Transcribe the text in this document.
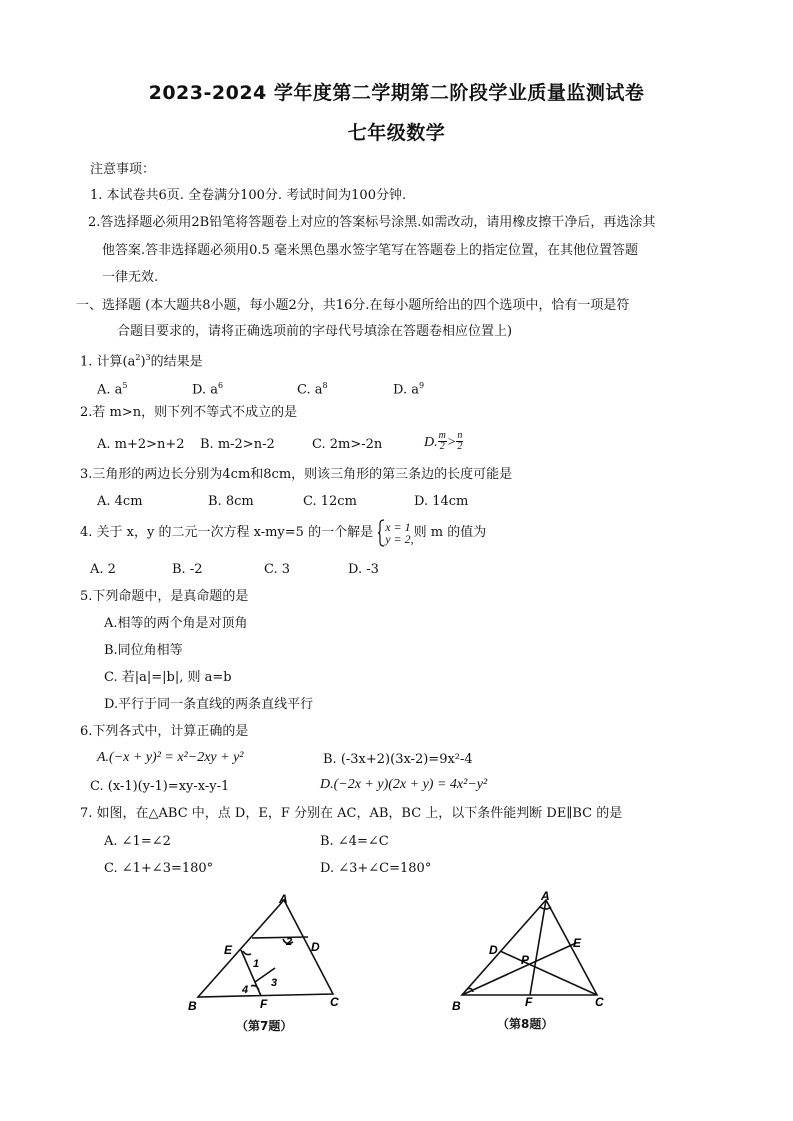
2023-2024 学年度第二学期第二阶段学业质量监测试卷
七年级数学
注意事项：
1. 本试卷共6页. 全卷满分100分. 考试时间为100分钟.
2.答选择题必须用2B铅笔将答题卷上对应的答案标号涂黑.如需改动，请用橡皮擦干净后，再选涂其
他答案.答非选择题必须用0.5 毫米黑色墨水签字笔写在答题卷上的指定位置，在其他位置答题
一律无效.
一、选择题 (本大题共8小题，每小题2分，共16分.在每小题所给出的四个选项中，恰有一项是符
合题目要求的，请将正确选项前的字母代号填涂在答题卷相应位置上)
1. 计算$(a^2)^3$的结果是
A. $a^5$	D. $a^6$	C. $a^8$	D. $a^9$
2.若 m>n，则下列不等式不成立的是
A. m+2>n+2 B. m-2>n-2	C. 2m>-2n	D. $\frac{m}{2} > \frac{n}{2}$
3.三角形的两边长分别为4cm和8cm，则该三角形的第三条边的长度可能是
A. 4cm	B. 8cm	C. 12cm	D. 14cm
4. 关于 x，y 的二元一次方程 x-my=5 的一个解是 x = 1
y = 2, 则 m 的值为
A. 2	B. -2	C. 3	D. -3
5.下列命题中，是真命题的是
A.相等的两个角是对顶角
B.同位角相等
C. 若|a|=|b|, 则 a=b
D.平行于同一条直线的两条直线平行
6.下列各式中，计算正确的是
A.(−x + y)² = x²−2xy + y²	B. (-3x+2)(3x-2)=9x²-4
C. (x-1)(y-1)=xy-x-y-1	D.(−2x + y)(2x + y) = 4x²−y²
7. 如图，在△ABC 中，点 D，E，F 分别在 AC，AB，BC 上，以下条件能判断 DE∥BC 的是
A. ∠1=∠2	B. ∠4=∠C
C. ∠1+∠3=180°	D. ∠3+∠C=180°
A
E	D
2
1
3
4
B	F	C
（第7题）
A
D	E
P
B	F	C
（第8题）
